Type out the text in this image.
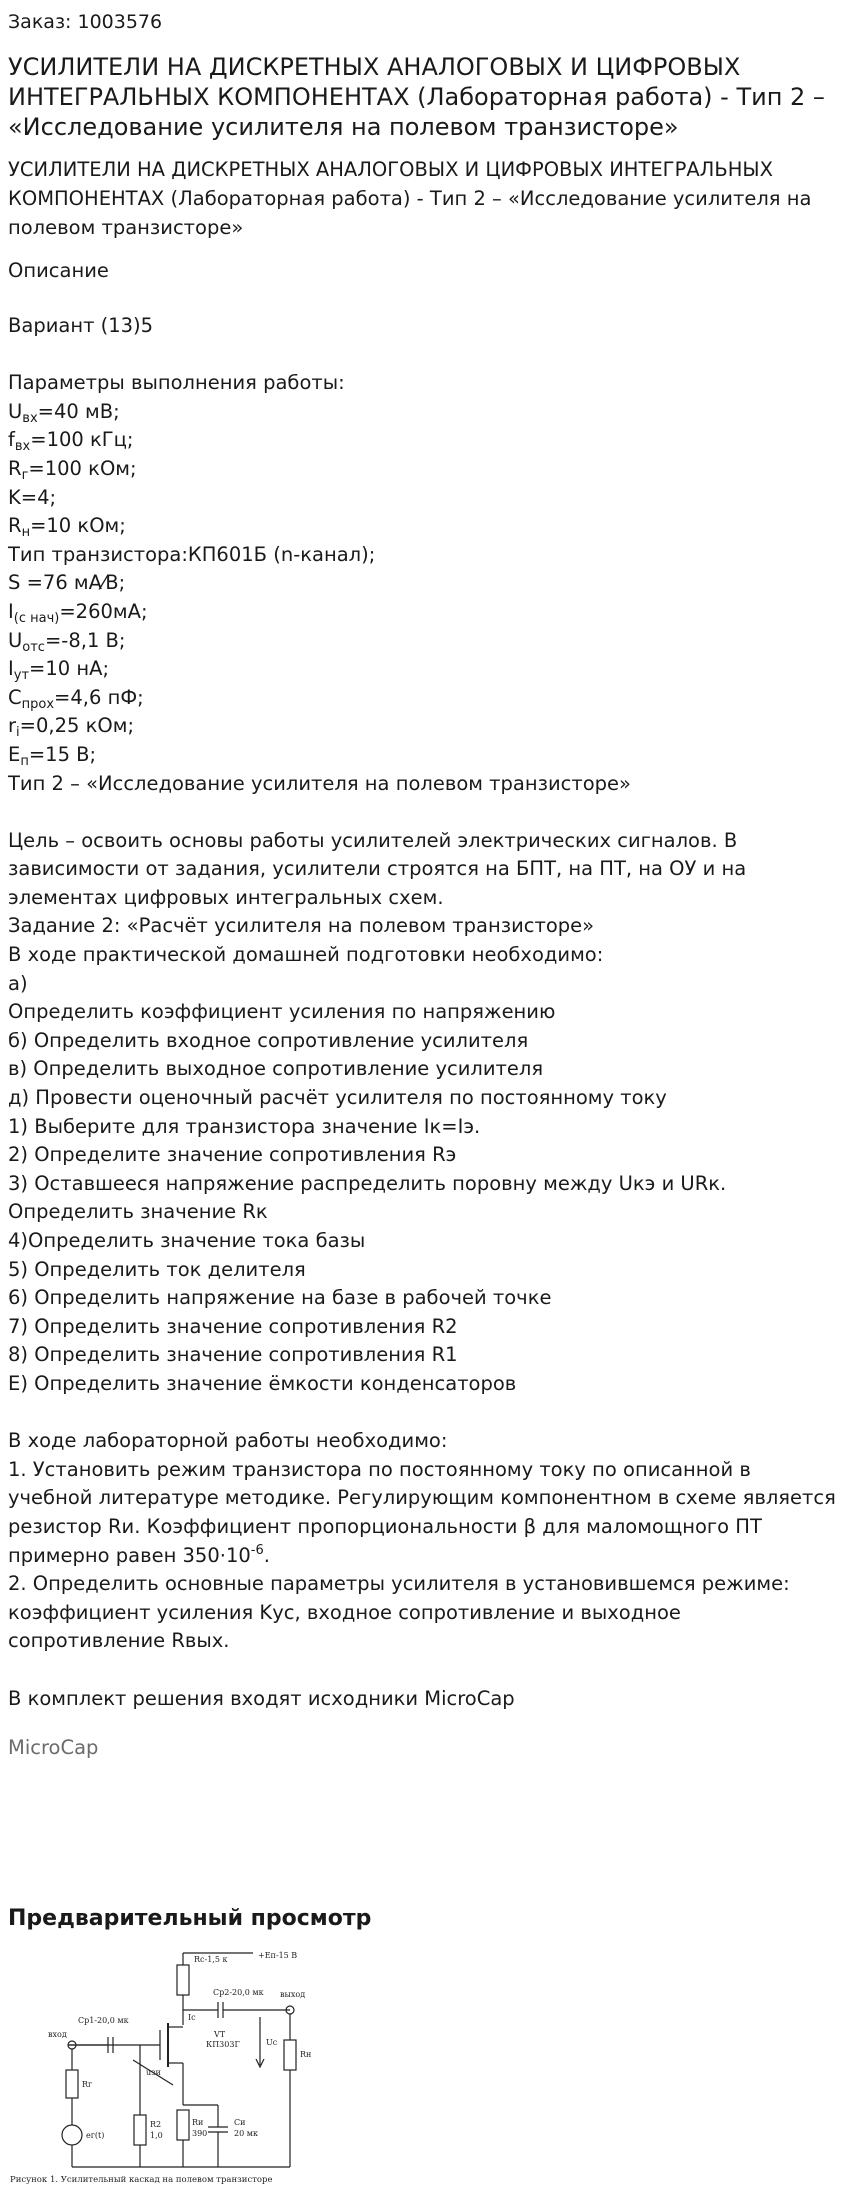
Заказ: 1003576
УСИЛИТЕЛИ НА ДИСКРЕТНЫХ АНАЛОГОВЫХ И ЦИФРОВЫХ ИНТЕГРАЛЬНЫХ КОМПОНЕНТАХ (Лабораторная работа) - Тип 2 – «Исследование усилителя на полевом транзисторе»
УСИЛИТЕЛИ НА ДИСКРЕТНЫХ АНАЛОГОВЫХ И ЦИФРОВЫХ ИНТЕГРАЛЬНЫХ КОМПОНЕНТАХ (Лабораторная работа) - Тип 2 – «Исследование усилителя на полевом транзисторе»
Описание

Вариант (13)5

Параметры выполнения работы:

$U_{вх}=40$ мВ;

$f_{вх}=100$ кГц;

$R_г=100$ кОм;

K=4;

$R_н=10$ кОм;

Тип транзистора:КП601Б (n-канал);

S =76 мА⁄В;

$I_{(с нач)}=260мА$;

$U_{отс}=-8,1$ В;

$I_{ут}=10$ нА;

$C_{прох}=4,6$ пФ;

$r_i=0,25$ кОм;

$E_п=15$ В;

Тип 2 – «Исследование усилителя на полевом транзисторе»

Цель – освоить основы работы усилителей электрических сигналов. В зависимости от задания, усилители строятся на БПТ, на ПТ, на ОУ и на элементах цифровых интегральных схем.

Задание 2: «Расчёт усилителя на полевом транзисторе»

В ходе практической домашней подготовки необходимо:

а)

Определить коэффициент усиления по напряжению

б) Определить входное сопротивление усилителя

в) Определить выходное сопротивление усилителя

д) Провести оценочный расчёт усилителя по постоянному току

1) Выберите для транзистора значение Iк=Iэ.

2) Определите значение сопротивления Rэ

3) Оставшееся напряжение распределить поровну между Uкэ и URк. Определить значение Rк

4)Определить значение тока базы

5) Определить ток делителя

6) Определить напряжение на базе в рабочей точке

7) Определить значение сопротивления R2

8) Определить значение сопротивления R1

E) Определить значение ёмкости конденсаторов

В ходе лабораторной работы необходимо:

1. Установить режим транзистора по постоянному току по описанной в учебной литературе методике. Регулирующим компонентном в схеме является резистор Rи. Коэффициент пропорциональности β для маломощного ПТ примерно равен $350\cdot 10^{-6}$.

2. Определить основные параметры усилителя в установившемся режиме: коэффициент усиления Kус, входное сопротивление и выходное сопротивление Rвых.

В комплект решения входят исходники MicroCap

MicroCap
Предварительный просмотр
Rс-1,5 к	+Eп-15 В
Cр2-20,0 мк
Cр1-20,0 мк
вход
выход
Iс
VT
КП303Г	Uс
Rн
Rг
R2
1,0
Rи
390
Cи
20 мк
eг(t)
uзи
Рисунок 1. Усилительный каскад на полевом транзисторе
